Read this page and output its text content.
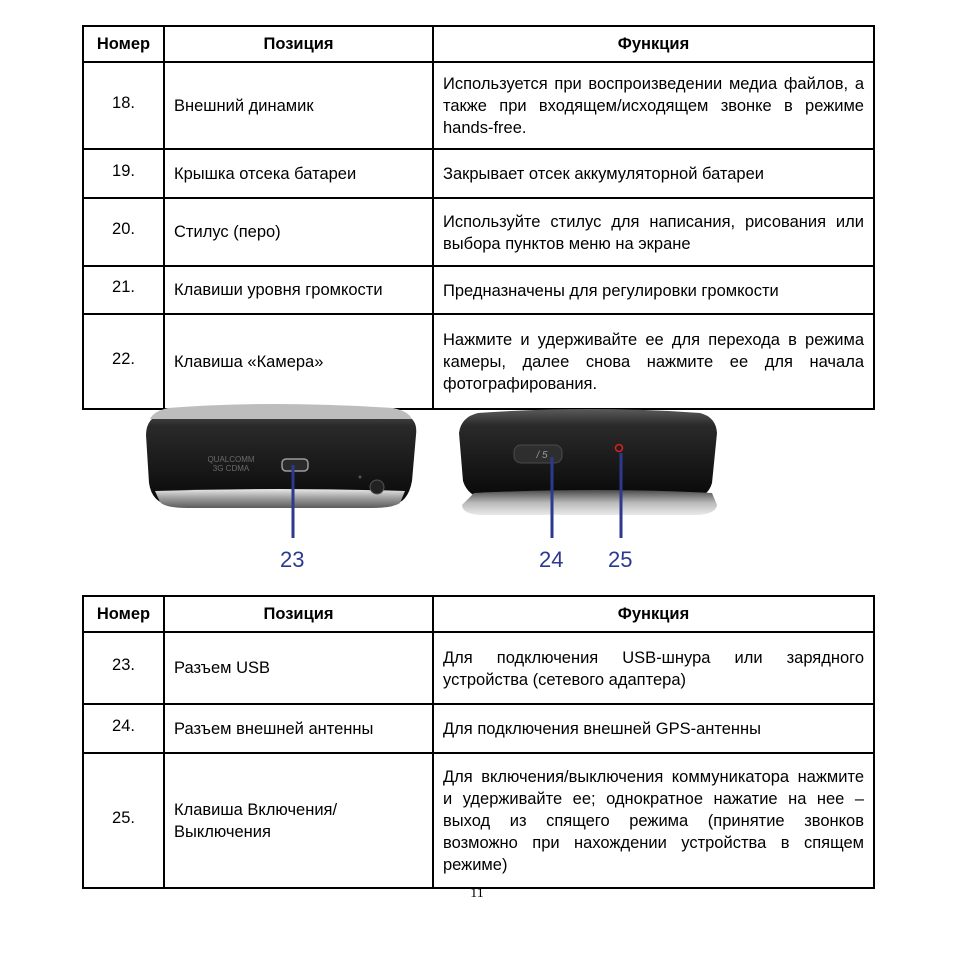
Номер	Позиция	Функция
18.	Внешний динамик	Используется при воспроизведении медиа файлов, а также при входящем/исходящем звонке в режиме hands-free.
19.	Крышка отсека батареи	Закрывает отсек аккумуляторной батареи
20.	Стилус (перо)	Используйте стилус для написания, рисования или выбора пунктов меню на экране
21.	Клавиши уровня громкости	Предназначены для регулировки громкости
22.	Клавиша «Камера»	Нажмите и удерживайте ее для перехода в режима камеры, далее снова нажмите ее для начала фотографирования.
QUALCOMM
3G CDMA
/ 5
23	24 25
Номер	Позиция	Функция
23.	Разъем USB	Для подключения USB-шнура или зарядного устройства (сетевого адаптера)
24.	Разъем внешней антенны	Для подключения внешней GPS-антенны
25.	Клавиша Включения/Выключения	Для включения/выключения коммуникатора нажмите и удерживайте ее; однократное нажатие на нее – выход из спящего режима (принятие звонков возможно при нахождении устройства в спящем режиме)
11
